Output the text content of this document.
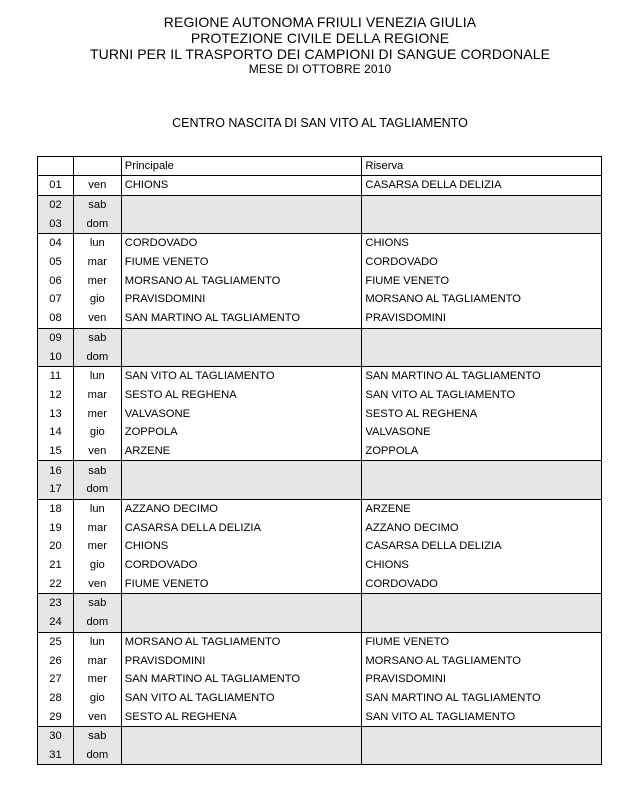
REGIONE AUTONOMA FRIULI VENEZIA GIULIA
PROTEZIONE CIVILE DELLA REGIONE
TURNI PER IL TRASPORTO DEI CAMPIONI DI SANGUE CORDONALE
MESE DI OTTOBRE 2010
CENTRO NASCITA DI SAN VITO AL TAGLIAMENTO
		Principale	Riserva
01	ven	CHIONS	CASARSA DELLA DELIZIA
02	sab		
03	dom		
04	lun	CORDOVADO	CHIONS
05	mar	FIUME VENETO	CORDOVADO
06	mer	MORSANO AL TAGLIAMENTO	FIUME VENETO
07	gio	PRAVISDOMINI	MORSANO AL TAGLIAMENTO
08	ven	SAN MARTINO AL TAGLIAMENTO	PRAVISDOMINI
09	sab		
10	dom		
11	lun	SAN VITO AL TAGLIAMENTO	SAN MARTINO AL TAGLIAMENTO
12	mar	SESTO AL REGHENA	SAN VITO AL TAGLIAMENTO
13	mer	VALVASONE	SESTO AL REGHENA
14	gio	ZOPPOLA	VALVASONE
15	ven	ARZENE	ZOPPOLA
16	sab		
17	dom		
18	lun	AZZANO DECIMO	ARZENE
19	mar	CASARSA DELLA DELIZIA	AZZANO DECIMO
20	mer	CHIONS	CASARSA DELLA DELIZIA
21	gio	CORDOVADO	CHIONS
22	ven	FIUME VENETO	CORDOVADO
23	sab		
24	dom		
25	lun	MORSANO AL TAGLIAMENTO	FIUME VENETO
26	mar	PRAVISDOMINI	MORSANO AL TAGLIAMENTO
27	mer	SAN MARTINO AL TAGLIAMENTO	PRAVISDOMINI
28	gio	SAN VITO AL TAGLIAMENTO	SAN MARTINO AL TAGLIAMENTO
29	ven	SESTO AL REGHENA	SAN VITO AL TAGLIAMENTO
30	sab		
31	dom		
